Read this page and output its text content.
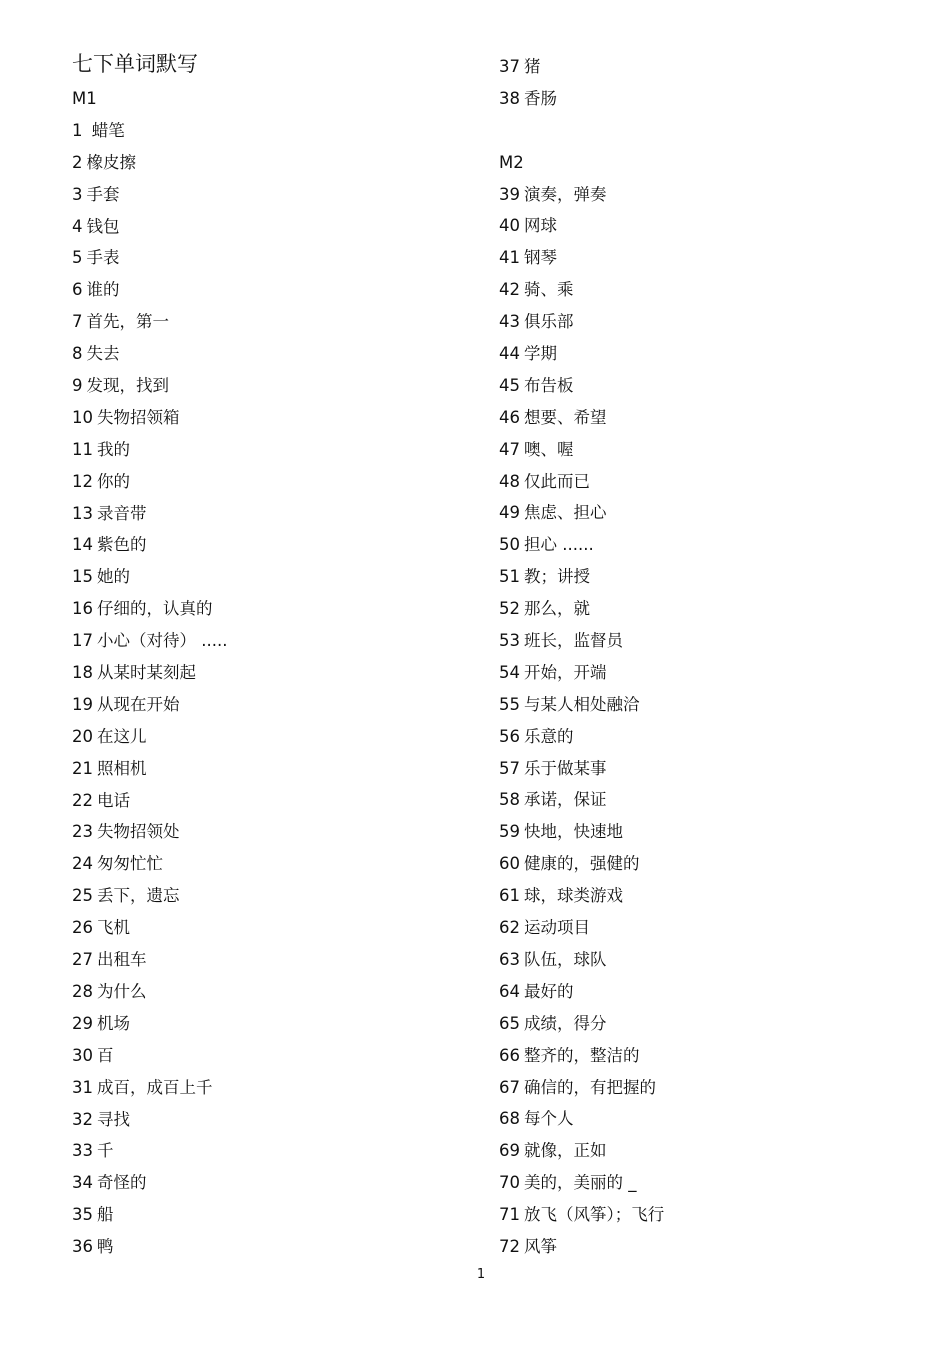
七下单词默写
M1
1 蜡笔
2 橡皮擦
3 手套
4 钱包
5 手表
6 谁的
7 首先，第一
8 失去
9 发现，找到
10 失物招领箱
11 我的
12 你的
13 录音带
14 紫色的
15 她的
16 仔细的，认真的
17 小心（对待） .....
18 从某时某刻起
19 从现在开始
20 在这儿
21 照相机
22 电话
23 失物招领处
24 匆匆忙忙
25 丢下，遗忘
26 飞机
27 出租车
28 为什么
29 机场
30 百
31 成百，成百上千
32 寻找
33 千
34 奇怪的
35 船
36 鸭
37 猪
38 香肠
M2
39 演奏，弹奏
40 网球
41 钢琴
42 骑、乘
43 俱乐部
44 学期
45 布告板
46 想要、希望
47 噢、喔
48 仅此而已
49 焦虑、担心
50 担心 ......
51 教；讲授
52 那么，就
53 班长，监督员
54 开始，开端
55 与某人相处融洽
56 乐意的
57 乐于做某事
58 承诺，保证
59 快地，快速地
60 健康的，强健的
61 球，球类游戏
62 运动项目
63 队伍，球队
64 最好的
65 成绩，得分
66 整齐的，整洁的
67 确信的，有把握的
68 每个人
69 就像，正如
70 美的，美丽的 _
71 放飞（风筝）；飞行
72 风筝
1
